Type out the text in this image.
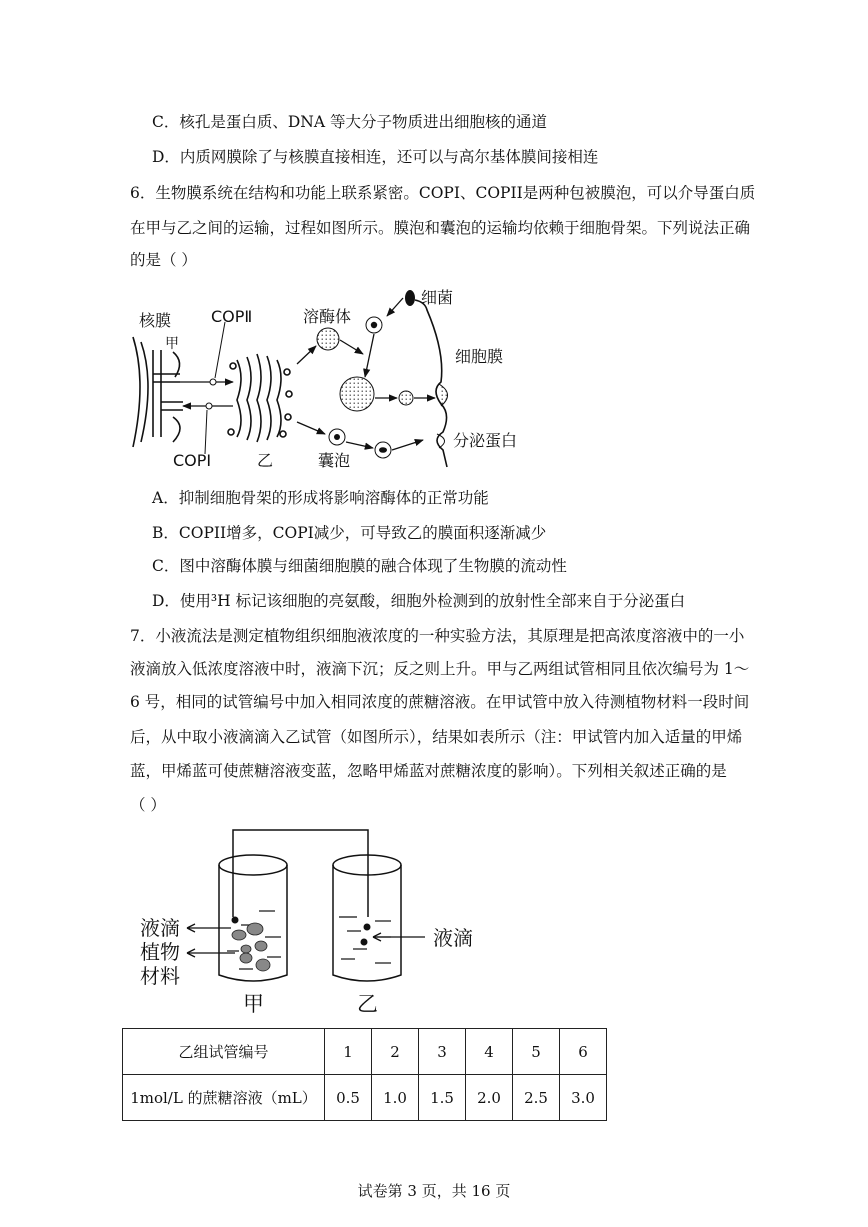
C．核孔是蛋白质、DNA 等大分子物质进出细胞核的通道
D．内质网膜除了与核膜直接相连，还可以与高尔基体膜间接相连
6．生物膜系统在结构和功能上联系紧密。COPI、COPII是两种包被膜泡，可以介导蛋白质
在甲与乙之间的运输，过程如图所示。膜泡和囊泡的运输均依赖于细胞骨架。下列说法正确
的是（ ）
核膜
甲
COPⅡ	溶酶体
细菌
细胞膜
COPⅠ	乙	囊泡
分泌蛋白
A．抑制细胞骨架的形成将影响溶酶体的正常功能
B．COPII增多，COPI减少，可导致乙的膜面积逐渐减少
C．图中溶酶体膜与细菌细胞膜的融合体现了生物膜的流动性
D．使用³H 标记该细胞的亮氨酸，细胞外检测到的放射性全部来自于分泌蛋白
7．小液流法是测定植物组织细胞液浓度的一种实验方法，其原理是把高浓度溶液中的一小
液滴放入低浓度溶液中时，液滴下沉；反之则上升。甲与乙两组试管相同且依次编号为 1～
6 号，相同的试管编号中加入相同浓度的蔗糖溶液。在甲试管中放入待测植物材料一段时间
后，从中取小液滴滴入乙试管（如图所示），结果如表所示（注：甲试管内加入适量的甲烯
蓝，甲烯蓝可使蔗糖溶液变蓝，忽略甲烯蓝对蔗糖浓度的影响）。下列相关叙述正确的是
（ ）
液滴
植物
材料
甲	乙
液滴
乙组试管编号	1	2	3	4	5	6
1mol/L 的蔗糖溶液（mL）	0.5	1.0	1.5	2.0	2.5	3.0
试卷第 3 页，共 16 页
